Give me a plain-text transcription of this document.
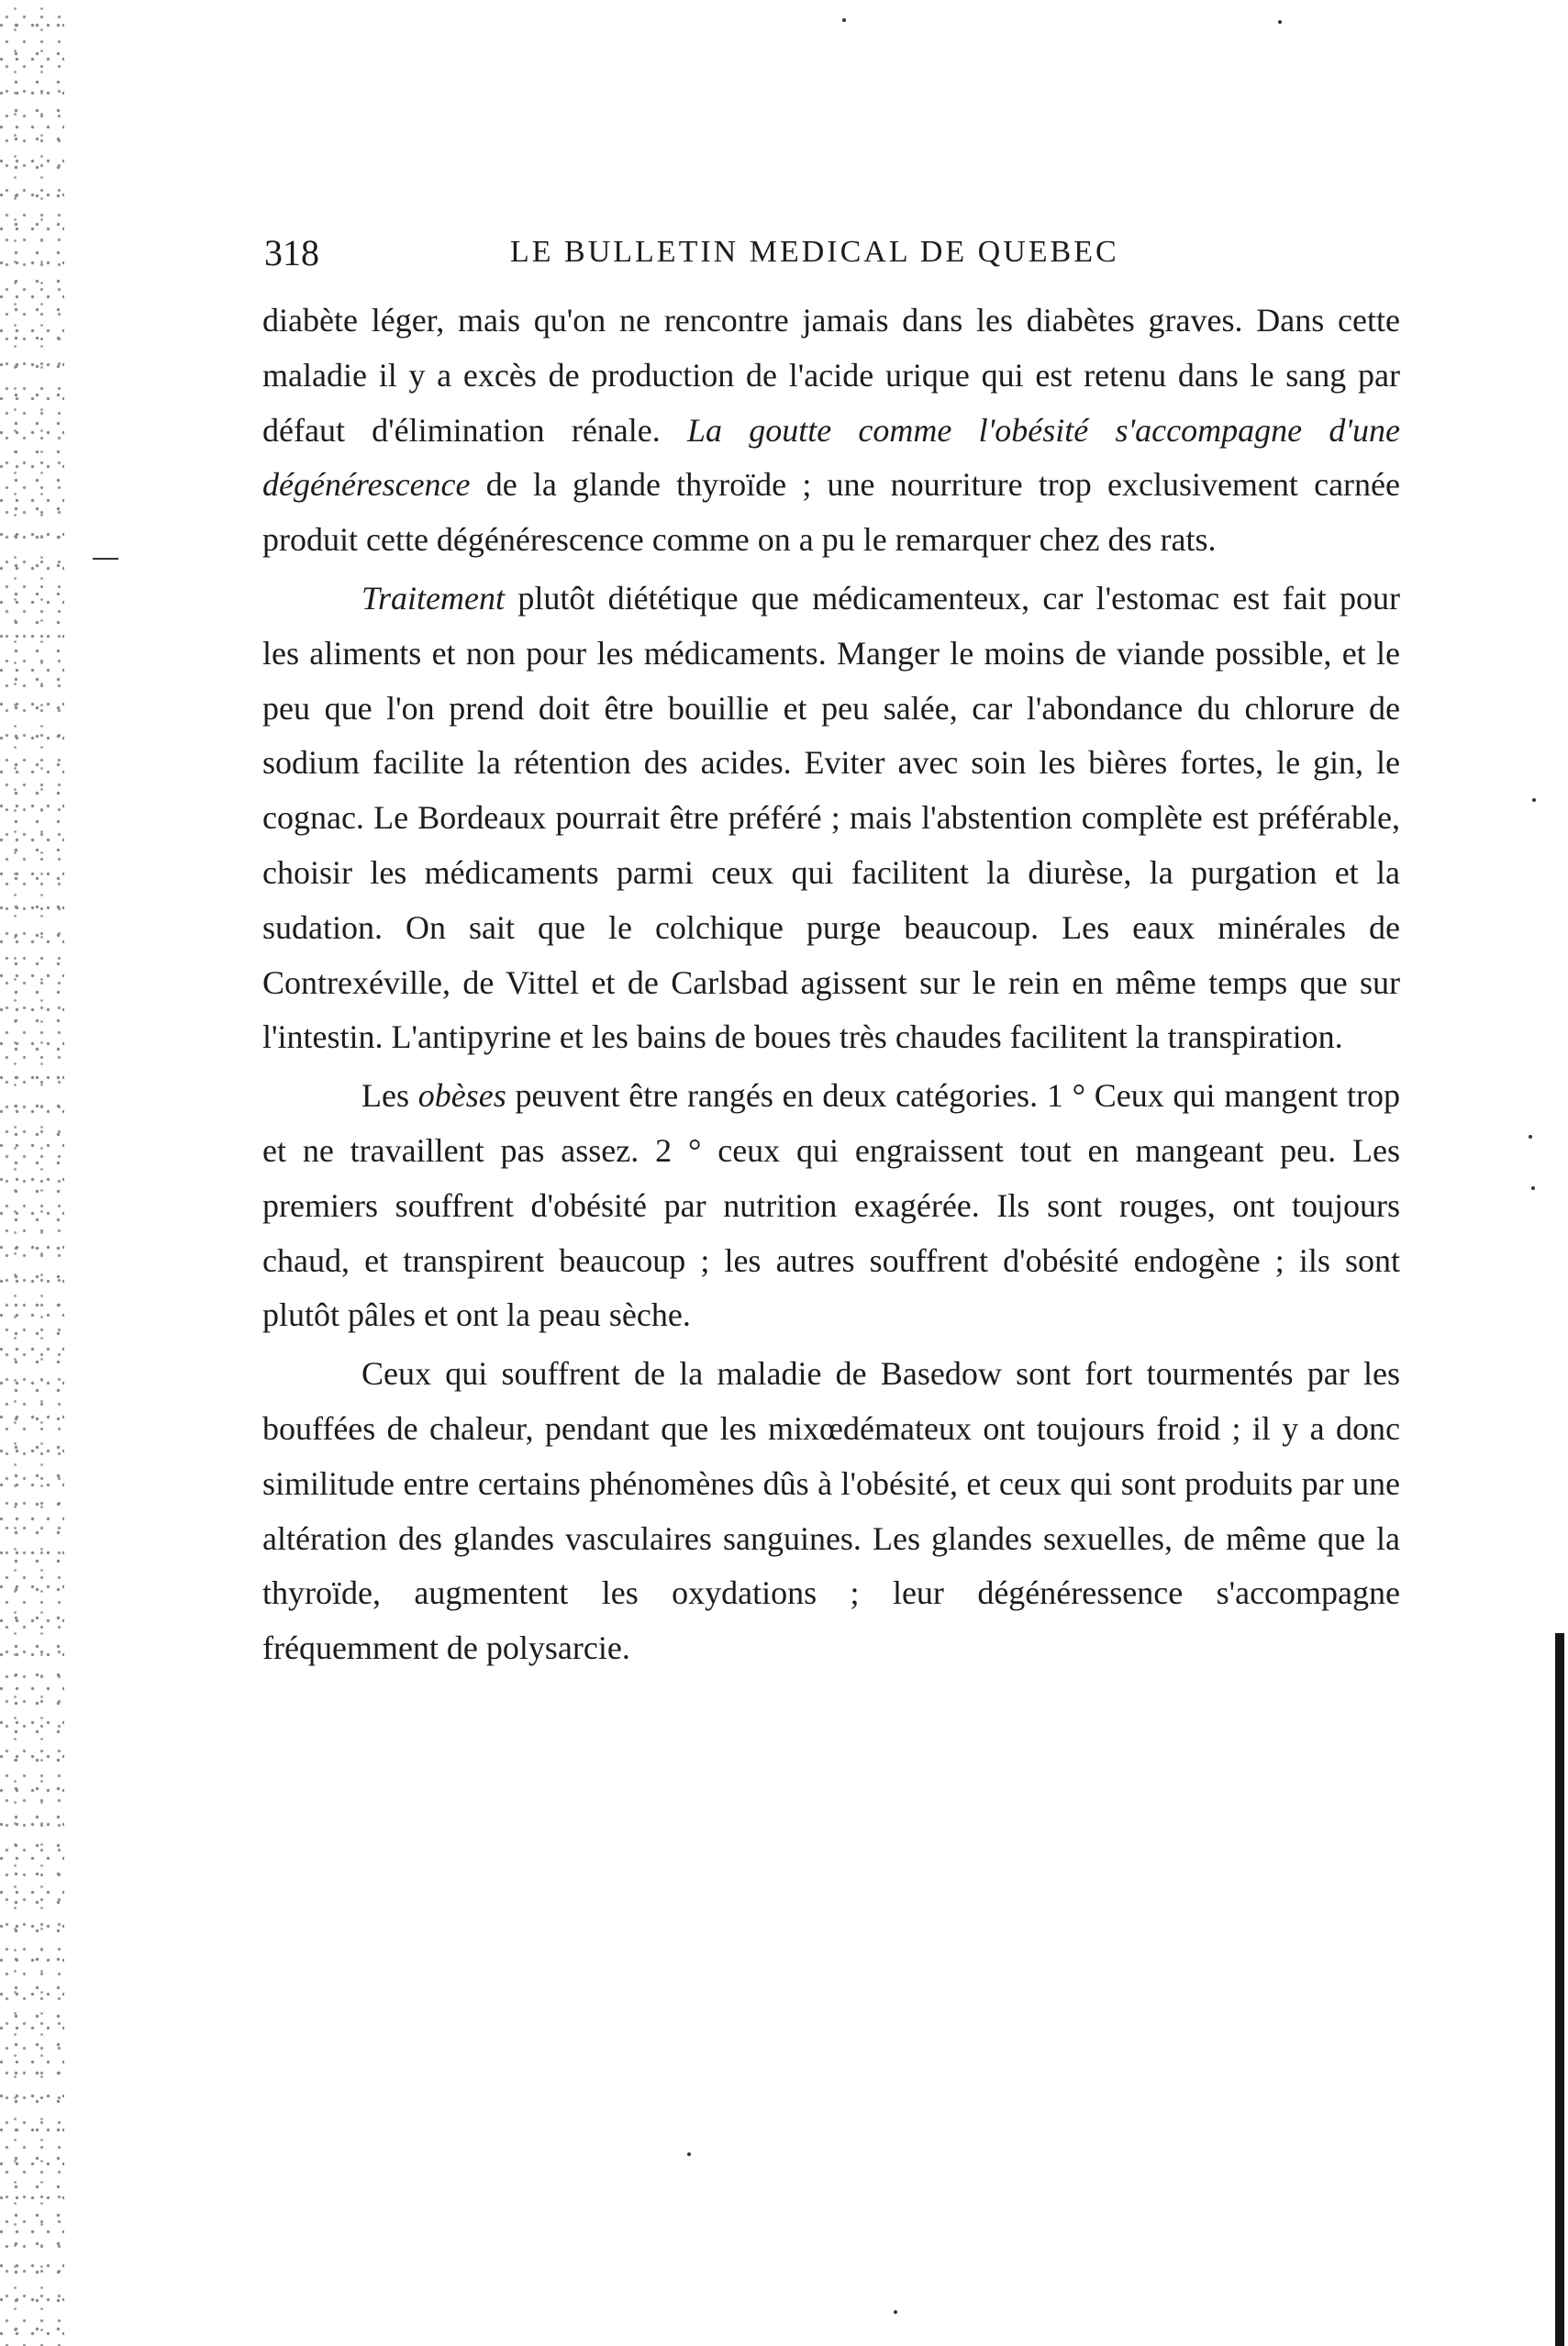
318	LE BULLETIN MEDICAL DE QUEBEC

diabète léger, mais qu'on ne rencontre jamais dans les diabètes graves. Dans cette maladie il y a excès de production de l'acide urique qui est retenu dans le sang par défaut d'élimination rénale. La goutte comme l'obésité s'accompagne d'une dégénérescence de la glande thyroïde ; une nourriture trop exclusivement carnée produit cette dégénérescence comme on a pu le remarquer chez des rats.

Traitement plutôt diététique que médicamenteux, car l'estomac est fait pour les aliments et non pour les médicaments. Manger le moins de viande possible, et le peu que l'on prend doit être bouillie et peu salée, car l'abondance du chlorure de sodium facilite la rétention des acides. Eviter avec soin les bières fortes, le gin, le cognac. Le Bordeaux pourrait être préféré ; mais l'abstention complète est préférable, choisir les médicaments parmi ceux qui facilitent la diurèse, la purgation et la sudation. On sait que le colchique purge beaucoup. Les eaux minérales de Contrexéville, de Vittel et de Carlsbad agissent sur le rein en même temps que sur l'intestin. L'antipyrine et les bains de boues très chaudes facilitent la transpiration.

Les obèses peuvent être rangés en deux catégories. 1 ° Ceux qui mangent trop et ne travaillent pas assez. 2 ° ceux qui engraissent tout en mangeant peu. Les premiers souffrent d'obésité par nutrition exagérée. Ils sont rouges, ont toujours chaud, et transpirent beaucoup ; les autres souffrent d'obésité endogène ; ils sont plutôt pâles et ont la peau sèche.

Ceux qui souffrent de la maladie de Basedow sont fort tourmentés par les bouffées de chaleur, pendant que les mixœdémateux ont toujours froid ; il y a donc similitude entre certains phénomènes dûs à l'obésité, et ceux qui sont produits par une altération des glandes vasculaires sanguines. Les glandes sexuelles, de même que la thyroïde, augmentent les oxydations ; leur dégénéressence s'accompagne fréquemment de polysarcie.
